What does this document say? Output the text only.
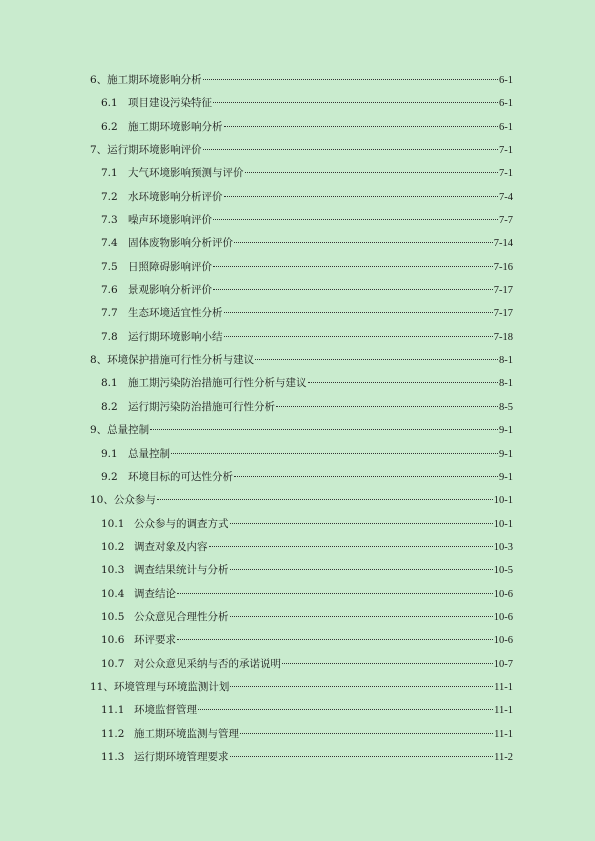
6、施工期环境影响分析	6-1
6.1 项目建设污染特征	6-1
6.2 施工期环境影响分析	6-1
7、运行期环境影响评价	7-1
7.1 大气环境影响预测与评价	7-1
7.2 水环境影响分析评价	7-4
7.3 噪声环境影响评价	7-7
7.4 固体废物影响分析评价	7-14
7.5 日照障碍影响评价	7-16
7.6 景观影响分析评价	7-17
7.7 生态环境适宜性分析	7-17
7.8 运行期环境影响小结	7-18
8、环境保护措施可行性分析与建议	8-1
8.1 施工期污染防治措施可行性分析与建议	8-1
8.2 运行期污染防治措施可行性分析	8-5
9、总量控制	9-1
9.1 总量控制	9-1
9.2 环境目标的可达性分析	9-1
10、公众参与	10-1
10.1 公众参与的调查方式	10-1
10.2 调查对象及内容	10-3
10.3 调查结果统计与分析	10-5
10.4 调查结论	10-6
10.5 公众意见合理性分析	10-6
10.6 环评要求	10-6
10.7 对公众意见采纳与否的承诺说明	10-7
11、环境管理与环境监测计划	11-1
11.1 环境监督管理	11-1
11.2 施工期环境监测与管理	11-1
11.3 运行期环境管理要求	11-2
